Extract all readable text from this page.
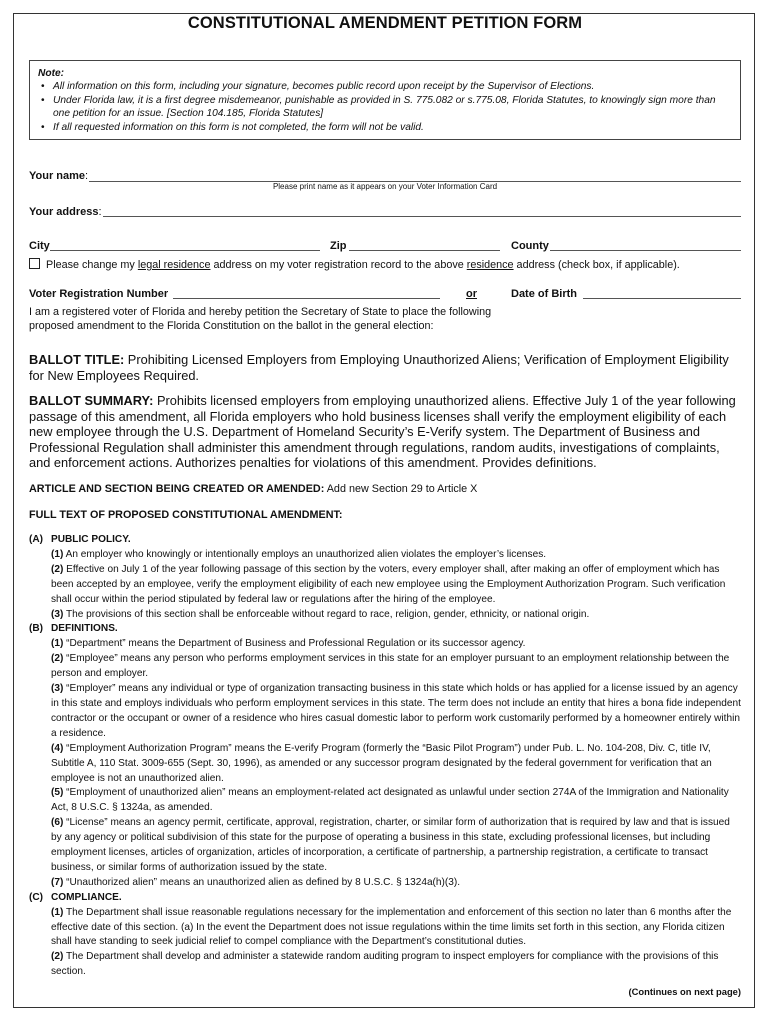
CONSTITUTIONAL AMENDMENT PETITION FORM
Note:
• All information on this form, including your signature, becomes public record upon receipt by the Supervisor of Elections.
• Under Florida law, it is a first degree misdemeanor, punishable as provided in S. 775.082 or s.775.08, Florida Statutes, to knowingly sign more than one petition for an issue. [Section 104.185, Florida Statutes]
• If all requested information on this form is not completed, the form will not be valid.
Your name:
Please print name as it appears on your Voter Information Card
Your address:
City	Zip	County
Please change my legal residence address on my voter registration record to the above residence address (check box, if applicable).
Voter Registration Number	or	Date of Birth
I am a registered voter of Florida and hereby petition the Secretary of State to place the following
proposed amendment to the Florida Constitution on the ballot in the general election:
BALLOT TITLE: Prohibiting Licensed Employers from Employing Unauthorized Aliens; Verification of Employment Eligibility for New Employees Required.
BALLOT SUMMARY: Prohibits licensed employers from employing unauthorized aliens. Effective July 1 of the year following passage of this amendment, all Florida employers who hold business licenses shall verify the employment eligibility of each new employee through the U.S. Department of Homeland Security’s E-Verify system. The Department of Business and Professional Regulation shall administer this amendment through regulations, random audits, investigations of complaints, and enforcement actions. Authorizes penalties for violations of this amendment. Provides definitions.
ARTICLE AND SECTION BEING CREATED OR AMENDED: Add new Section 29 to Article X
FULL TEXT OF PROPOSED CONSTITUTIONAL AMENDMENT:
(A) PUBLIC POLICY.
(1) An employer who knowingly or intentionally employs an unauthorized alien violates the employer’s licenses.
(2) Effective on July 1 of the year following passage of this section by the voters, every employer shall, after making an offer of employment which has been accepted by an employee, verify the employment eligibility of each new employee using the Employment Authorization Program. Such verification shall occur within the period stipulated by federal law or regulations after the hiring of the employee.
(3) The provisions of this section shall be enforceable without regard to race, religion, gender, ethnicity, or national origin.
(B) DEFINITIONS.
(1) “Department” means the Department of Business and Professional Regulation or its successor agency.
(2) “Employee” means any person who performs employment services in this state for an employer pursuant to an employment relationship between the person and employer.
(3) “Employer” means any individual or type of organization transacting business in this state which holds or has applied for a license issued by an agency in this state and employs individuals who perform employment services in this state. The term does not include an entity that hires a bona fide independent contractor or the occupant or owner of a residence who hires casual domestic labor to perform work customarily performed by a homeowner entirely within a residence.
(4) “Employment Authorization Program” means the E-verify Program (formerly the “Basic Pilot Program”) under Pub. L. No. 104-208, Div. C, title IV, Subtitle A, 110 Stat. 3009-655 (Sept. 30, 1996), as amended or any successor program designated by the federal government for verification that an employee is not an unauthorized alien.
(5) “Employment of unauthorized alien” means an employment-related act designated as unlawful under section 274A of the Immigration and Nationality Act, 8 U.S.C. § 1324a, as amended.
(6) “License” means an agency permit, certificate, approval, registration, charter, or similar form of authorization that is required by law and that is issued by any agency or political subdivision of this state for the purpose of operating a business in this state, excluding professional licenses, but including employment licenses, articles of organization, articles of incorporation, a certificate of partnership, a partnership registration, a certificate to transact business, or similar forms of authorization issued by the state.
(7) “Unauthorized alien” means an unauthorized alien as defined by 8 U.S.C. § 1324a(h)(3).
(C) COMPLIANCE.
(1) The Department shall issue reasonable regulations necessary for the implementation and enforcement of this section no later than 6 months after the effective date of this section. (a) In the event the Department does not issue regulations within the time limits set forth in this section, any Florida citizen shall have standing to seek judicial relief to compel compliance with the Department’s constitutional duties.
(2) The Department shall develop and administer a statewide random auditing program to inspect employers for compliance with the provisions of this section.
(Continues on next page)
